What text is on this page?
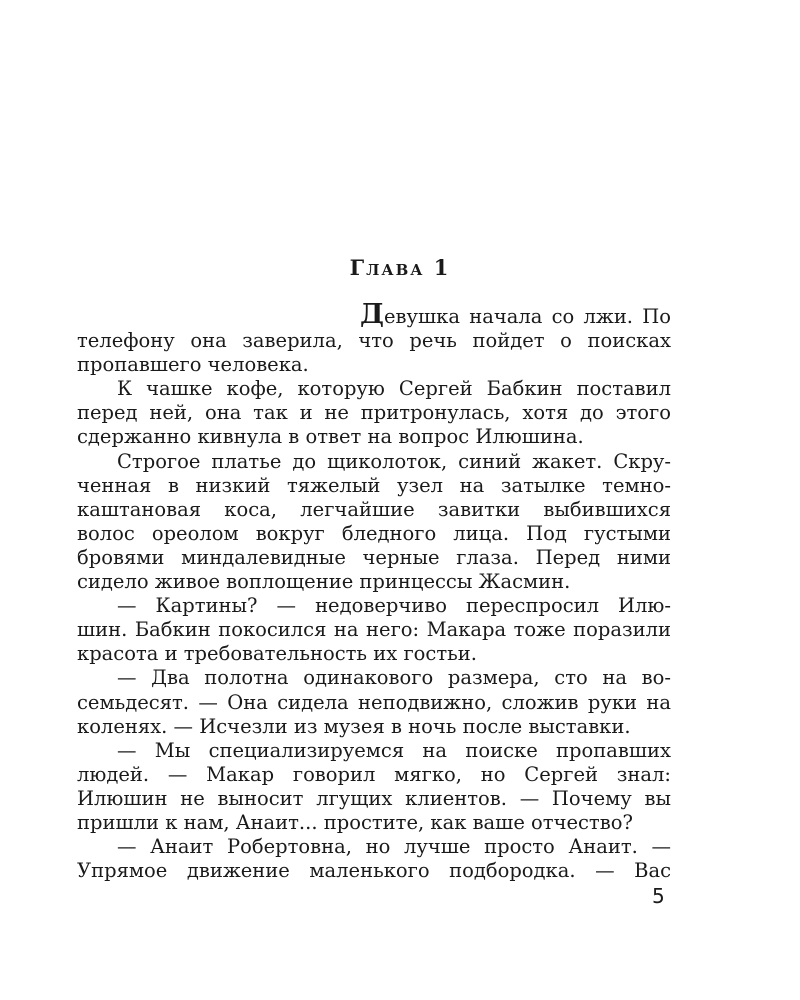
Глава 1
Девушка начала со лжи. По
телефону она заверила, что речь пойдет о поисках
пропавшего человека.
К чашке кофе, которую Сергей Бабкин поставил
перед ней, она так и не притронулась, хотя до этого
сдержанно кивнула в ответ на вопрос Илюшина.
Строгое платье до щиколоток, синий жакет. Скру-
ченная в низкий тяжелый узел на затылке темно-
каштановая коса, легчайшие завитки выбившихся
волос ореолом вокруг бледного лица. Под густыми
бровями миндалевидные черные глаза. Перед ними
сидело живое воплощение принцессы Жасмин.
— Картины? — недоверчиво переспросил Илю-
шин. Бабкин покосился на него: Макара тоже поразили
красота и требовательность их гостьи.
— Два полотна одинакового размера, сто на во-
семьдесят. — Она сидела неподвижно, сложив руки на
коленях. — Исчезли из музея в ночь после выставки.
— Мы специализируемся на поиске пропавших
людей. — Макар говорил мягко, но Сергей знал:
Илюшин не выносит лгущих клиентов. — Почему вы
пришли к нам, Анаит... простите, как ваше отчество?
— Анаит Робертовна, но лучше просто Анаит. —
Упрямое движение маленького подбородка. — Вас

5
